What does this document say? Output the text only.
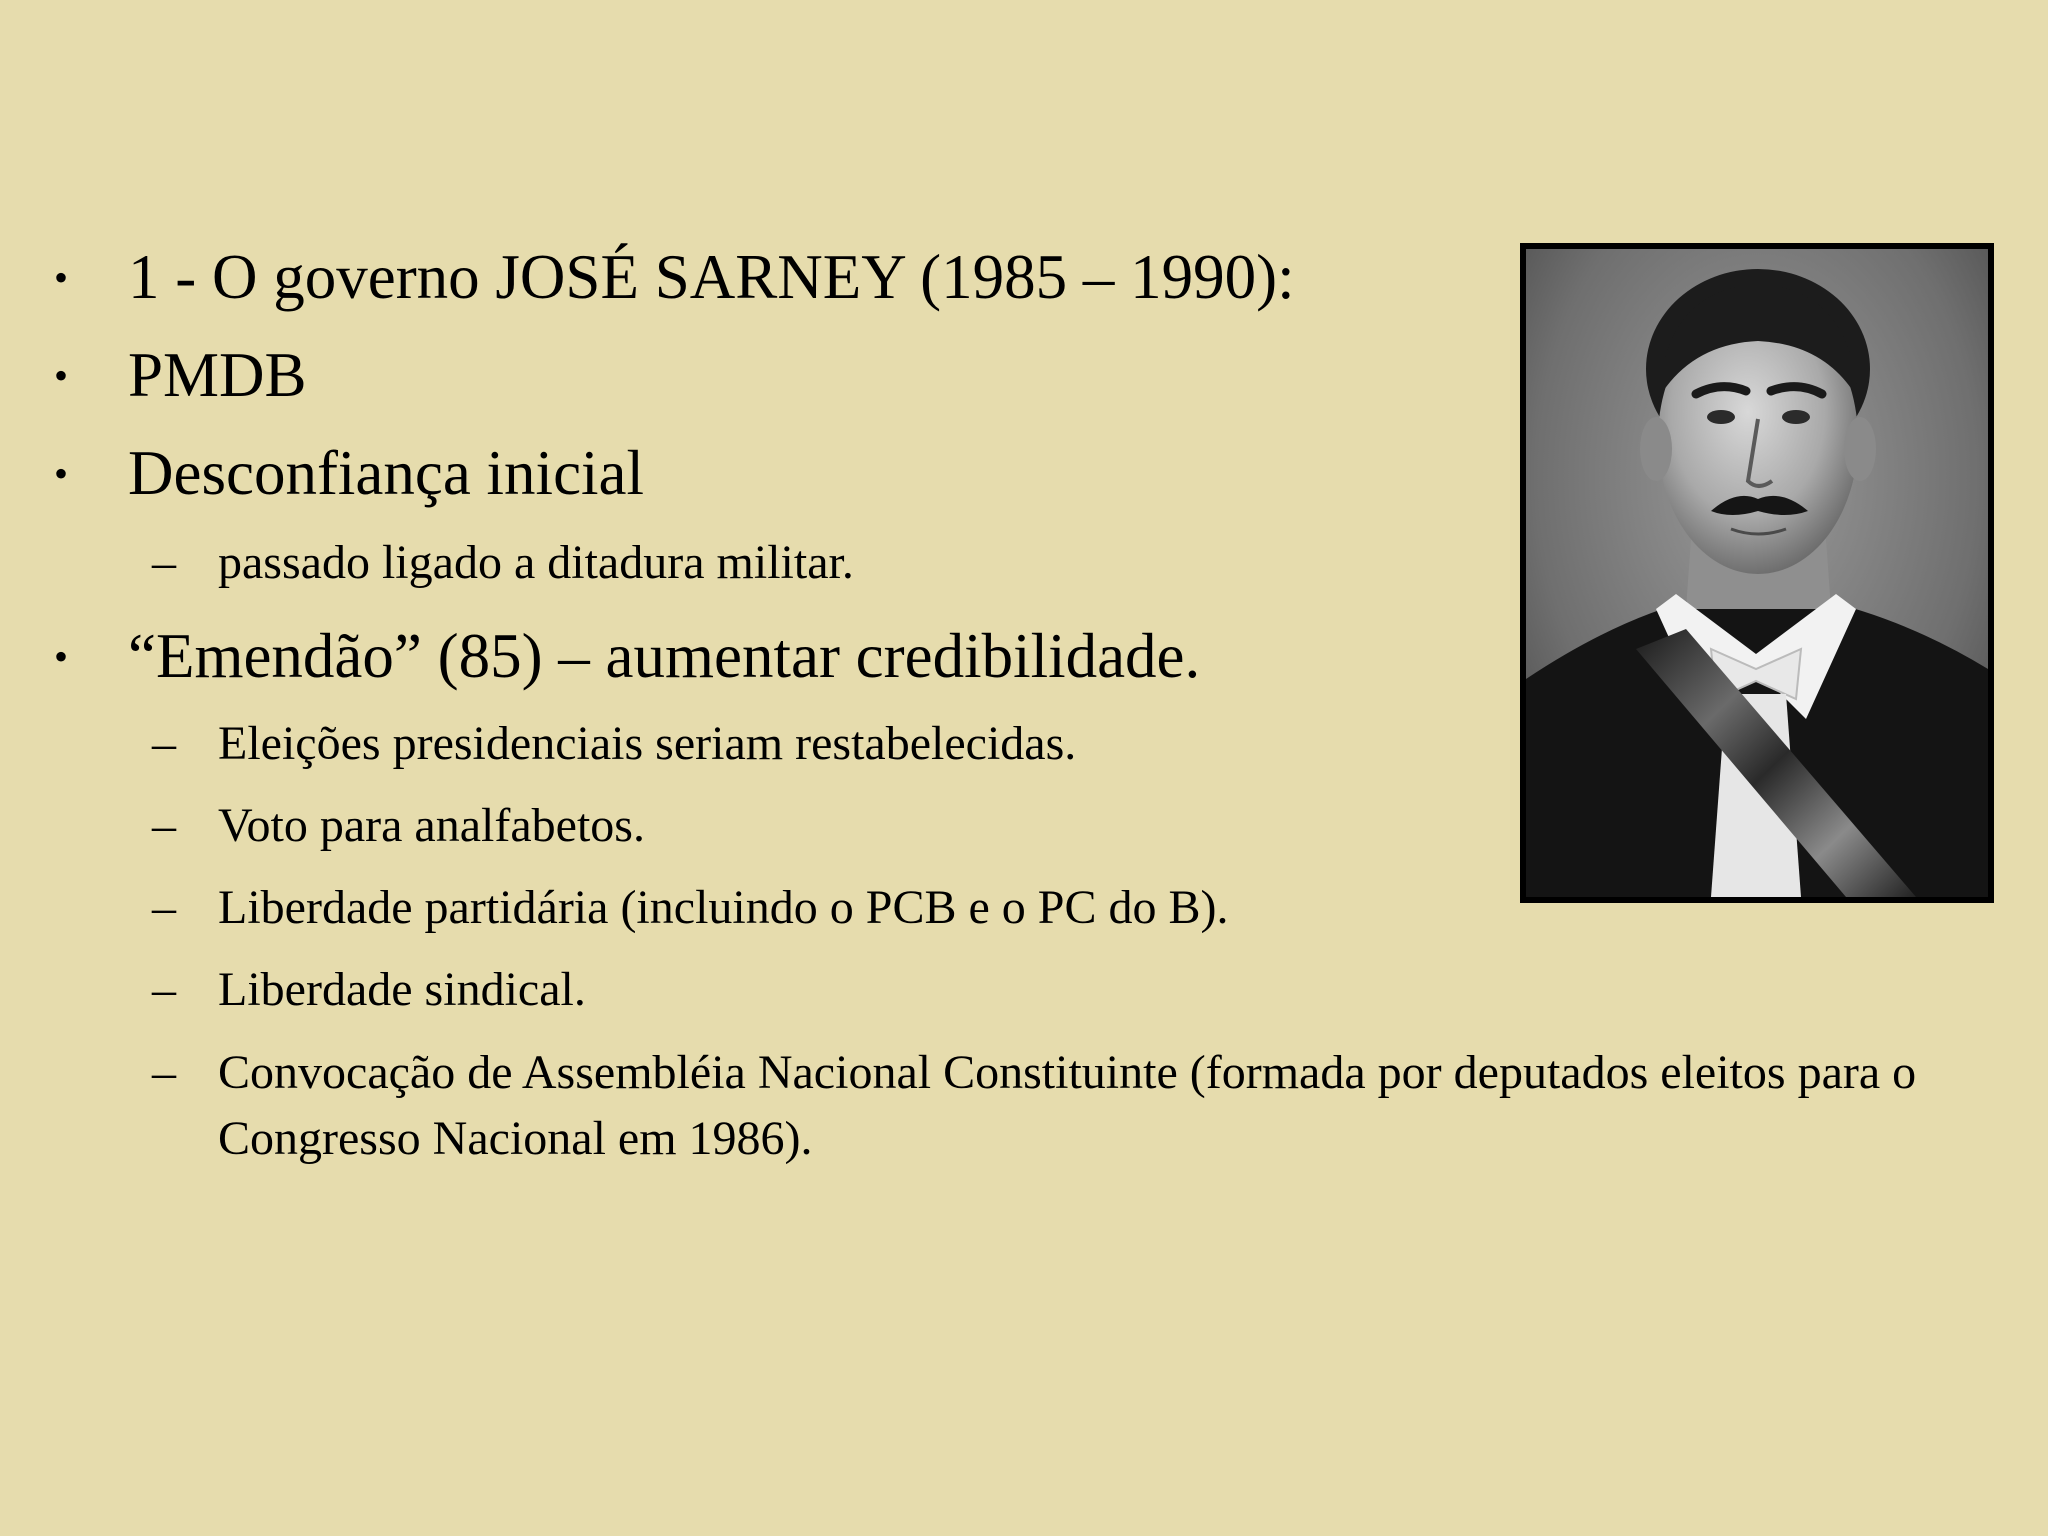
• 1 - O governo JOSÉ SARNEY (1985 – 1990):
• PMDB
• Desconfiança inicial
– passado ligado a ditadura militar.
• “Emendão” (85) – aumentar credibilidade.
– Eleições presidenciais seriam restabelecidas.
– Voto para analfabetos.
– Liberdade partidária (incluindo o PCB e o PC do B).
– Liberdade sindical.
– Convocação de Assembléia Nacional Constituinte (formada por deputados eleitos para o Congresso Nacional em 1986).
